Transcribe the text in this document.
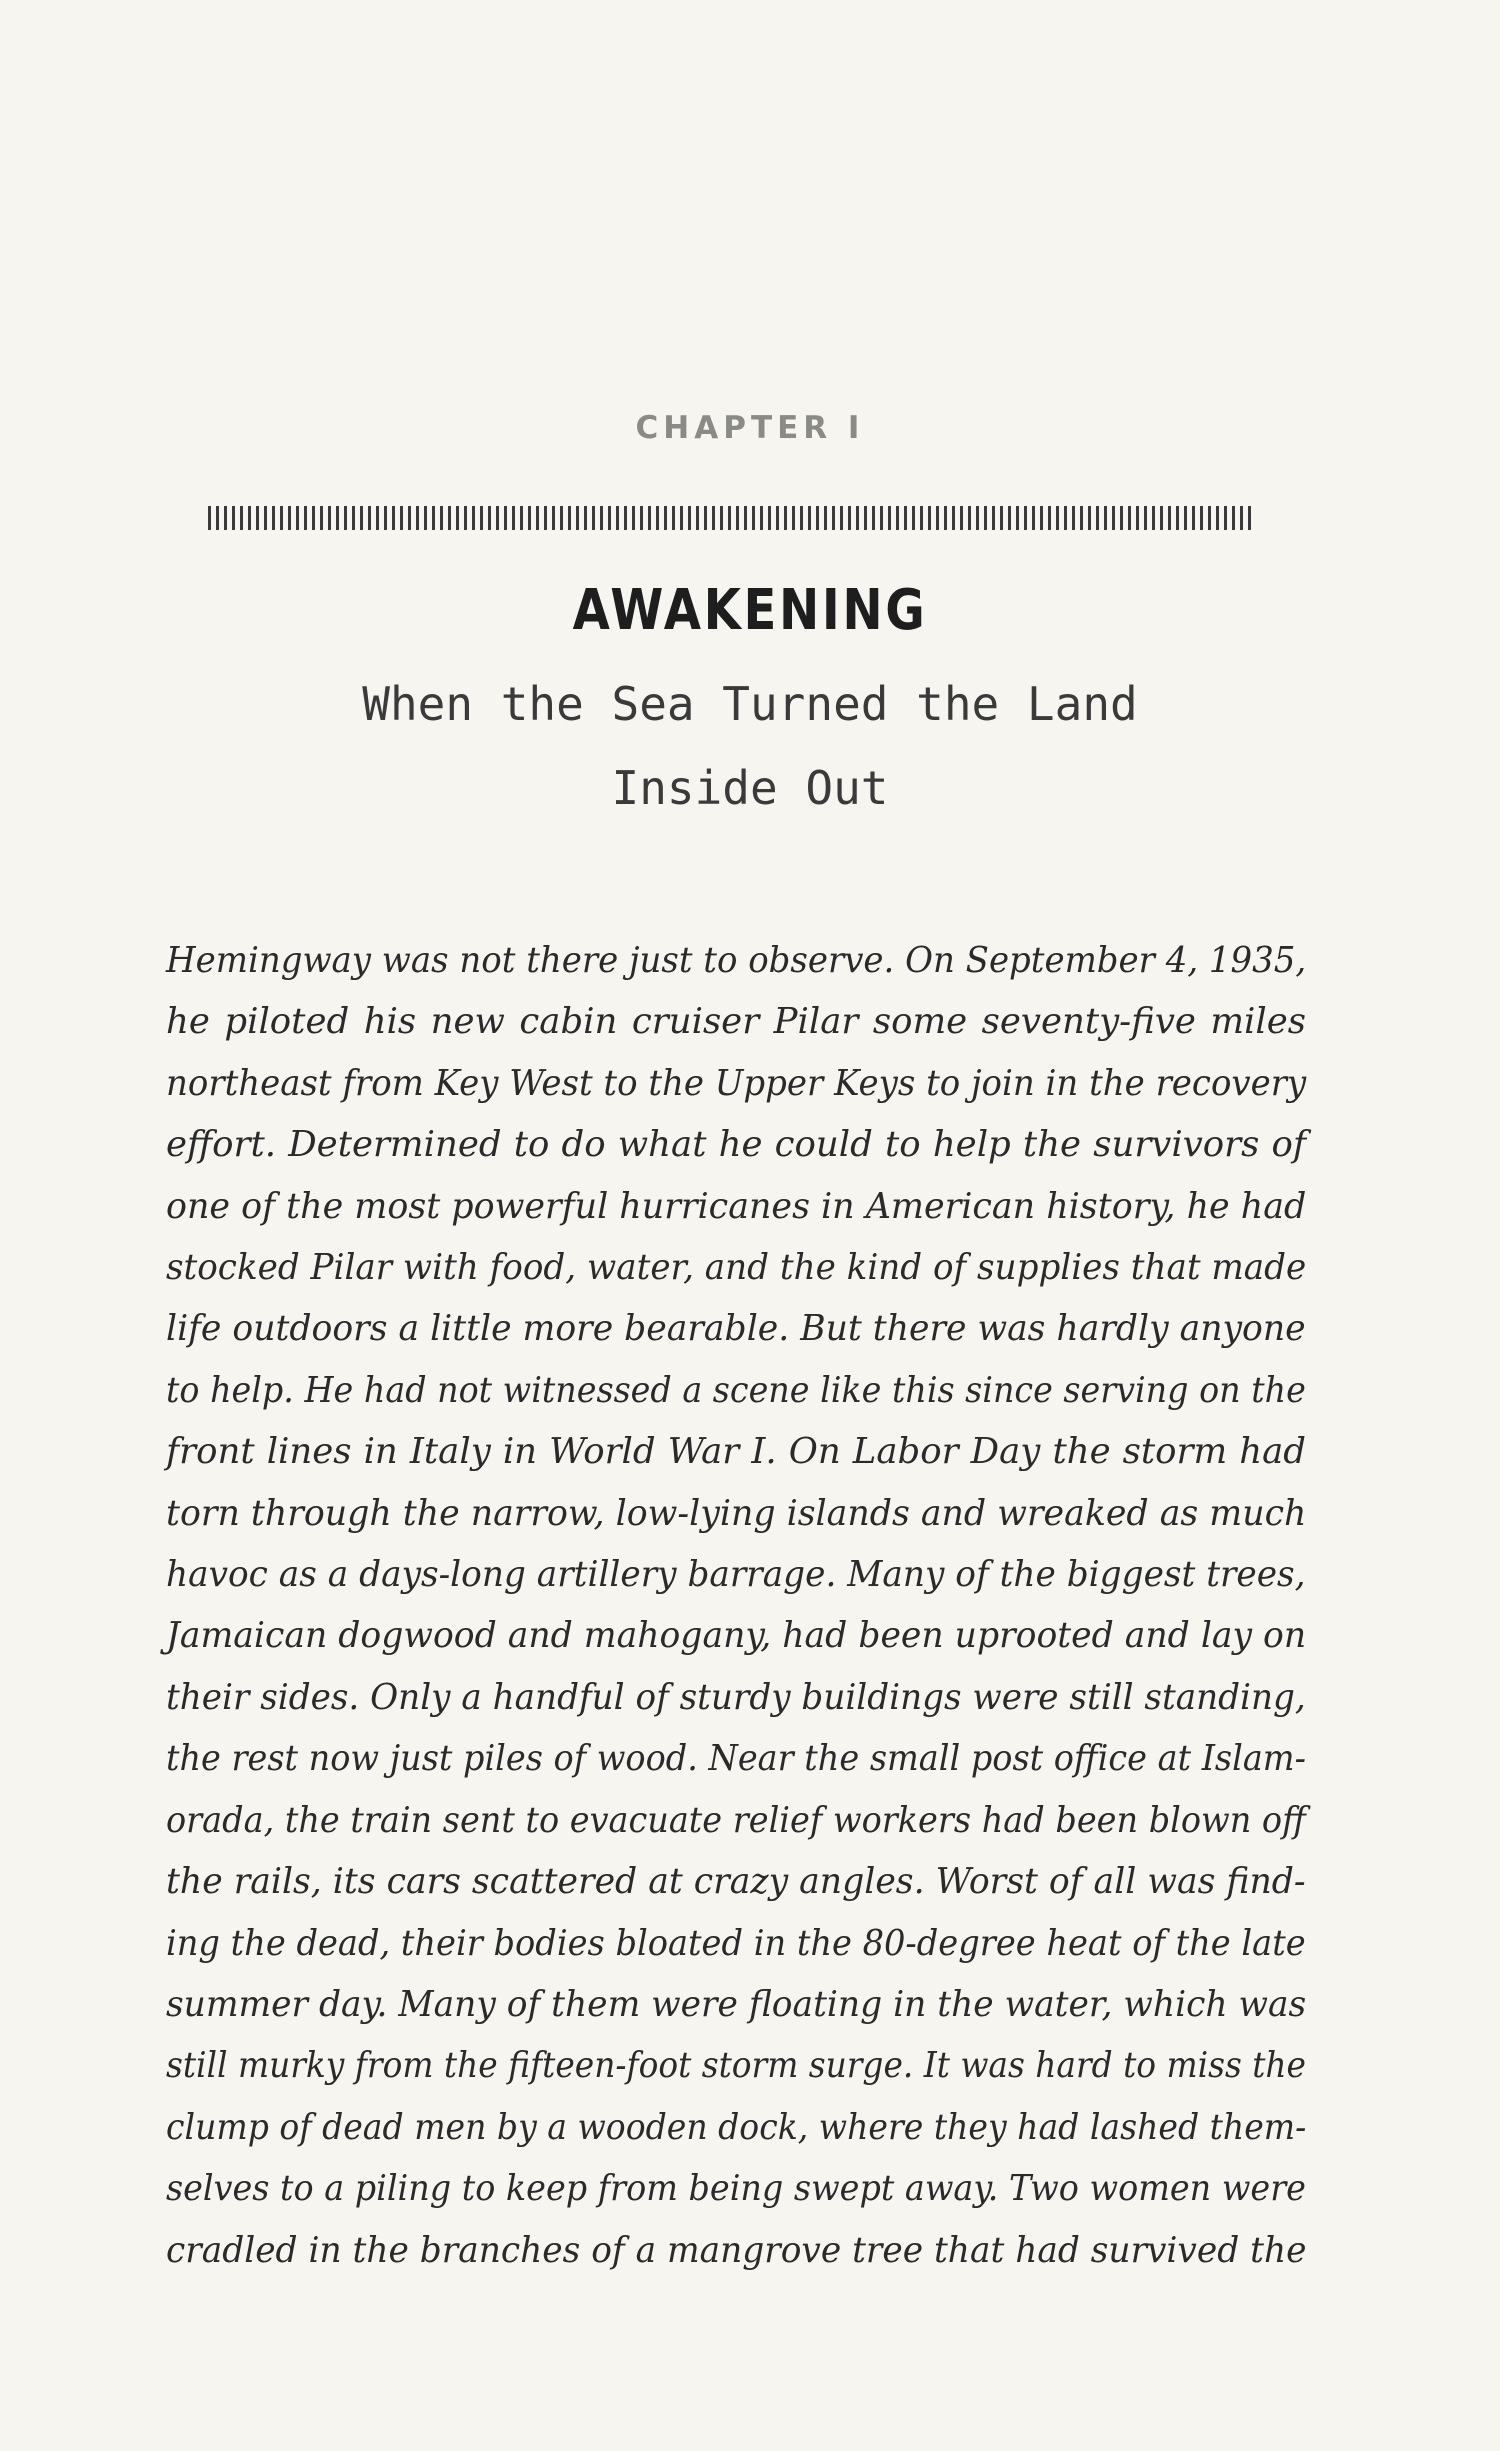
CHAPTER I
AWAKENING
When the Sea Turned the Land
Inside Out
Hemingway was not there just to observe. On September 4, 1935,
he piloted his new cabin cruiser Pilar some seventy-five miles
northeast from Key West to the Upper Keys to join in the recovery
effort. Determined to do what he could to help the survivors of
one of the most powerful hurricanes in American history, he had
stocked Pilar with food, water, and the kind of supplies that made
life outdoors a little more bearable. But there was hardly anyone
to help. He had not witnessed a scene like this since serving on the
front lines in Italy in World War I. On Labor Day the storm had
torn through the narrow, low-lying islands and wreaked as much
havoc as a days-long artillery barrage. Many of the biggest trees,
Jamaican dogwood and mahogany, had been uprooted and lay on
their sides. Only a handful of sturdy buildings were still standing,
the rest now just piles of wood. Near the small post office at Islam-
orada, the train sent to evacuate relief workers had been blown off
the rails, its cars scattered at crazy angles. Worst of all was find-
ing the dead, their bodies bloated in the 80-degree heat of the late
summer day. Many of them were floating in the water, which was
still murky from the fifteen-foot storm surge. It was hard to miss the
clump of dead men by a wooden dock, where they had lashed them-
selves to a piling to keep from being swept away. Two women were
cradled in the branches of a mangrove tree that had survived the
